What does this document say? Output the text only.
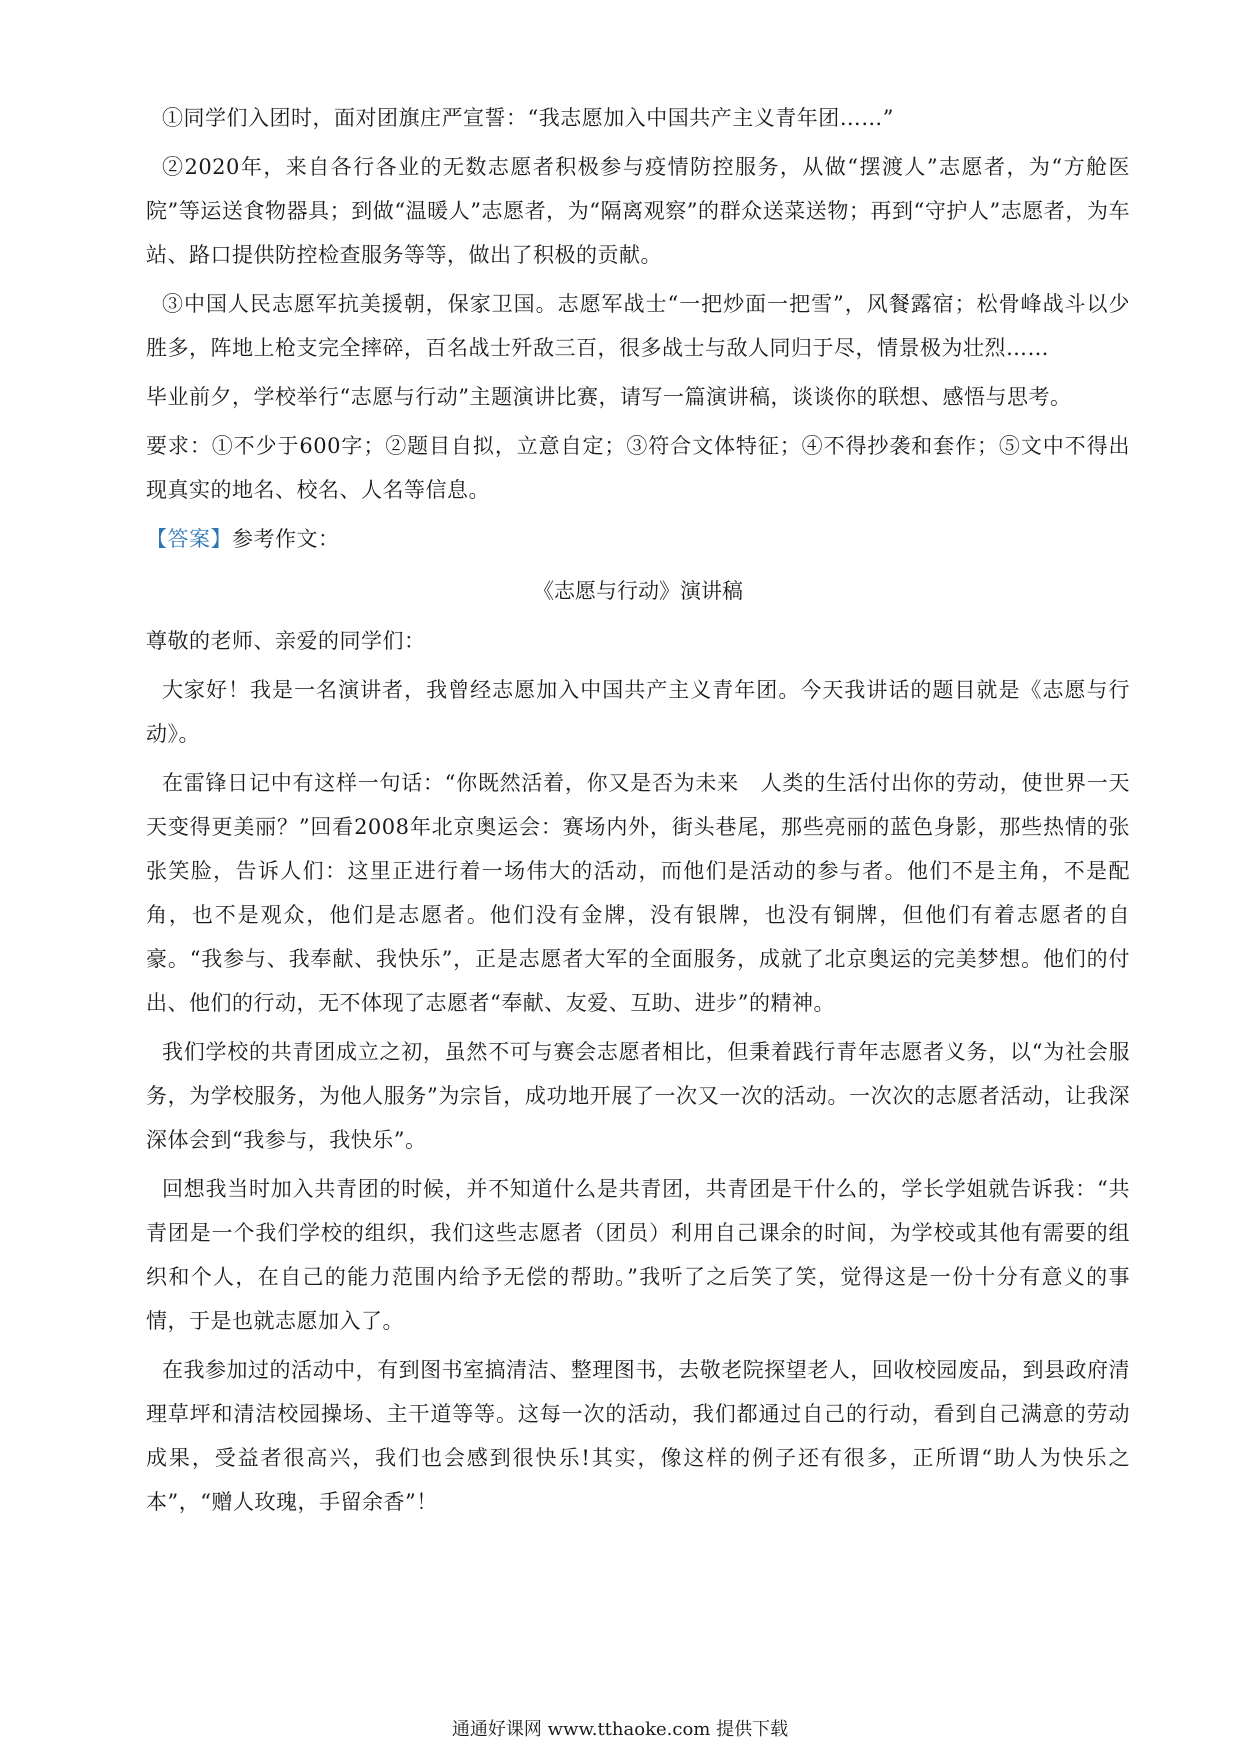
①同学们入团时，面对团旗庄严宣誓：“我志愿加入中国共产主义青年团……”

②2020年，来自各行各业的无数志愿者积极参与疫情防控服务，从做“摆渡人”志愿者，为“方舱医院”等运送食物器具；到做“温暖人”志愿者，为“隔离观察”的群众送菜送物；再到“守护人”志愿者，为车站、路口提供防控检查服务等等，做出了积极的贡献。

③中国人民志愿军抗美援朝，保家卫国。志愿军战士“一把炒面一把雪”，风餐露宿；松骨峰战斗以少胜多，阵地上枪支完全摔碎，百名战士歼敌三百，很多战士与敌人同归于尽，情景极为壮烈……

毕业前夕，学校举行“志愿与行动”主题演讲比赛，请写一篇演讲稿，谈谈你的联想、感悟与思考。

要求：①不少于600字；②题目自拟，立意自定；③符合文体特征；④不得抄袭和套作；⑤文中不得出现真实的地名、校名、人名等信息。

【答案】参考作文：

《志愿与行动》演讲稿

尊敬的老师、亲爱的同学们：

大家好！我是一名演讲者，我曾经志愿加入中国共产主义青年团。今天我讲话的题目就是《志愿与行动》。

在雷锋日记中有这样一句话：“你既然活着，你又是否为未来　人类的生活付出你的劳动，使世界一天天变得更美丽？”回看2008年北京奥运会：赛场内外，街头巷尾，那些亮丽的蓝色身影，那些热情的张张笑脸，告诉人们：这里正进行着一场伟大的活动，而他们是活动的参与者。他们不是主角，不是配角，也不是观众，他们是志愿者。他们没有金牌，没有银牌，也没有铜牌，但他们有着志愿者的自豪。“我参与、我奉献、我快乐”，正是志愿者大军的全面服务，成就了北京奥运的完美梦想。他们的付出、他们的行动，无不体现了志愿者“奉献、友爱、互助、进步”的精神。

我们学校的共青团成立之初，虽然不可与赛会志愿者相比，但秉着践行青年志愿者义务，以“为社会服务，为学校服务，为他人服务”为宗旨，成功地开展了一次又一次的活动。一次次的志愿者活动，让我深深体会到“我参与，我快乐”。

回想我当时加入共青团的时候，并不知道什么是共青团，共青团是干什么的，学长学姐就告诉我：“共青团是一个我们学校的组织，我们这些志愿者（团员）利用自己课余的时间，为学校或其他有需要的组织和个人，在自己的能力范围内给予无偿的帮助。”我听了之后笑了笑，觉得这是一份十分有意义的事情，于是也就志愿加入了。

在我参加过的活动中，有到图书室搞清洁、整理图书，去敬老院探望老人，回收校园废品，到县政府清理草坪和清洁校园操场、主干道等等。这每一次的活动，我们都通过自己的行动，看到自己满意的劳动成果，受益者很高兴，我们也会感到很快乐!其实，像这样的例子还有很多，正所谓“助人为快乐之本”，“赠人玫瑰，手留余香”！

通通好课网 www.tthaoke.com 提供下载
